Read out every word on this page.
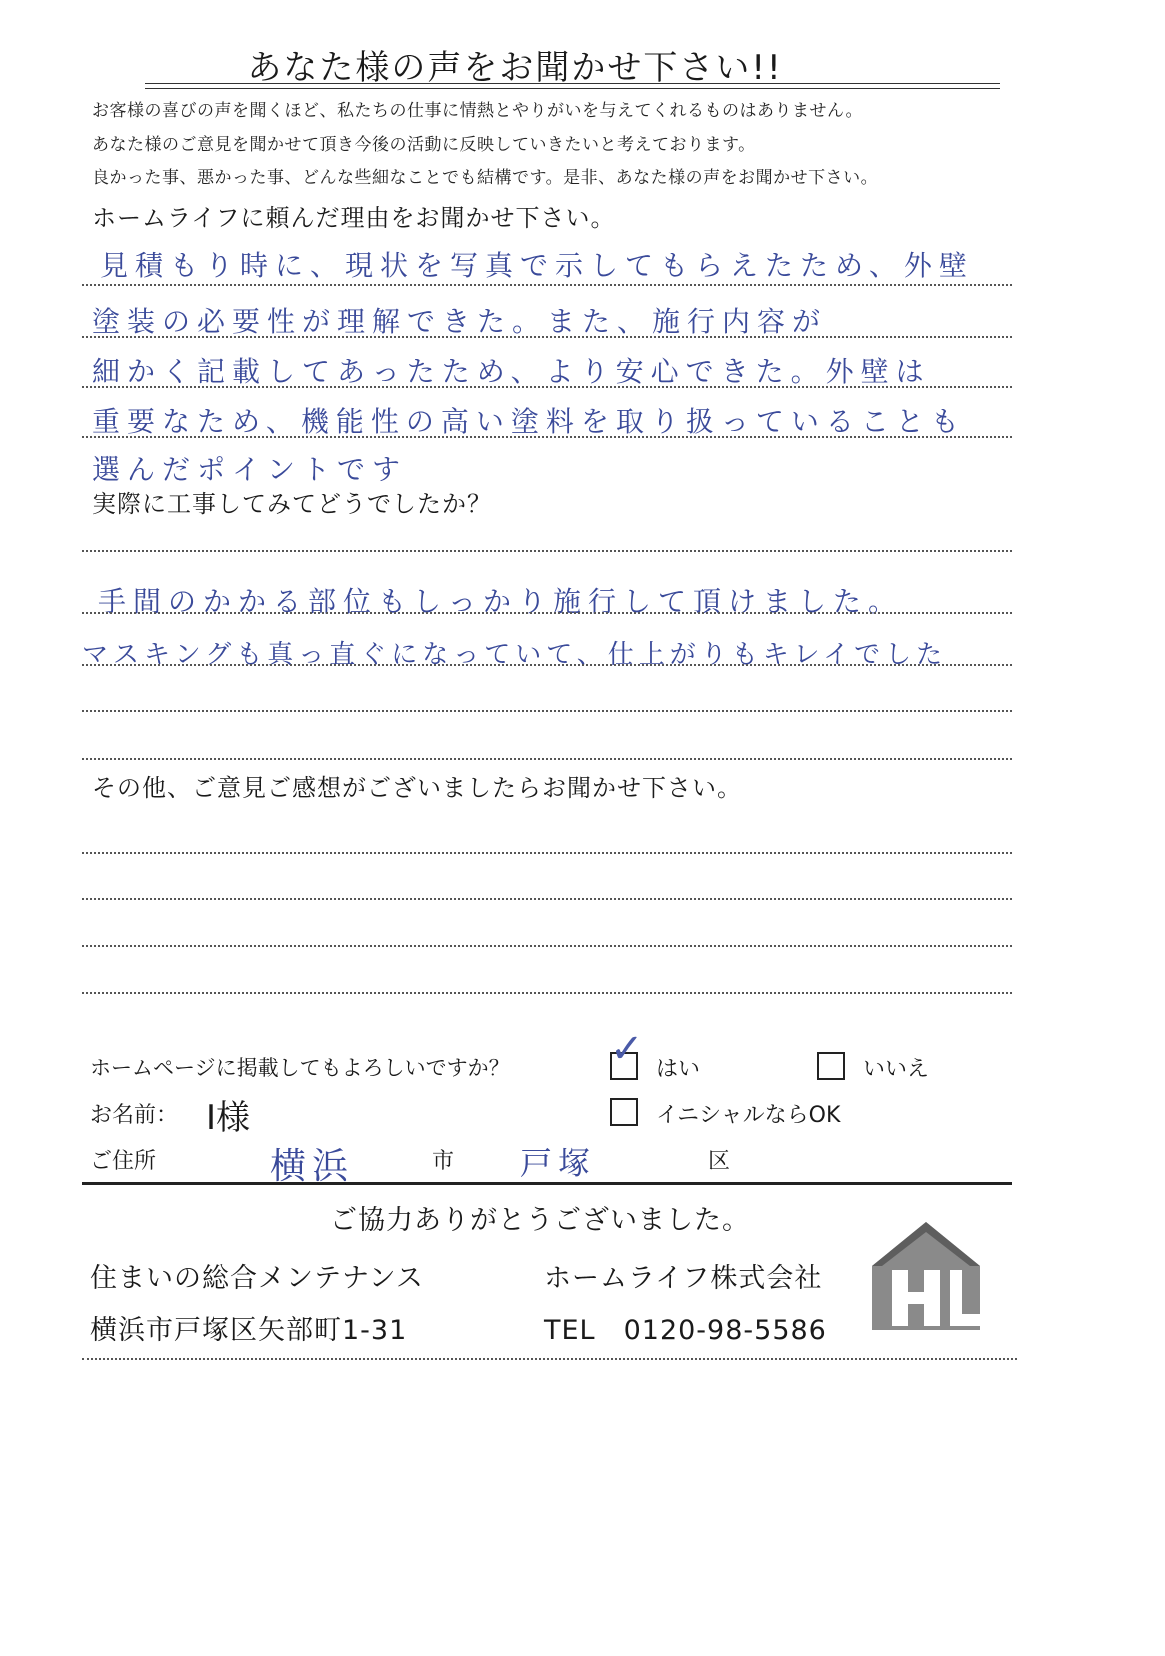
あなた様の声をお聞かせ下さい!!
お客様の喜びの声を聞くほど、私たちの仕事に情熱とやりがいを与えてくれるものはありません。
あなた様のご意見を聞かせて頂き今後の活動に反映していきたいと考えております。
良かった事、悪かった事、どんな些細なことでも結構です。是非、あなた様の声をお聞かせ下さい。
ホームライフに頼んだ理由をお聞かせ下さい。
見積もり時に、現状を写真で示してもらえたため、外壁
塗装の必要性が理解できた。また、施行内容が
細かく記載してあったため、より安心できた。外壁は
重要なため、機能性の高い塗料を取り扱っていることも
選んだポイントです
実際に工事してみてどうでしたか？
手間のかかる部位もしっかり施行して頂けました。
マスキングも真っ直ぐになっていて、仕上がりもキレイでした
その他、ご意見ご感想がございましたらお聞かせ下さい。
ホームページに掲載してもよろしいですか？	✓ はい	いいえ
お名前： I様	イニシャルならOK
ご住所	横浜	市 戸塚	区
ご協力ありがとうございました。
住まいの総合メンテナンス	ホームライフ株式会社
横浜市戸塚区矢部町1-31	TEL　0120-98-5586
